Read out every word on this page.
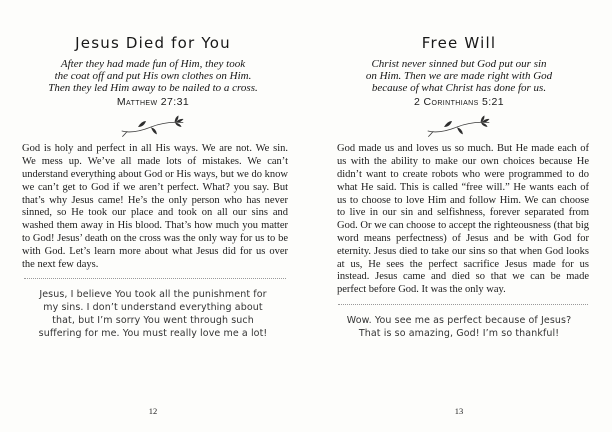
Jesus Died for You
After they had made fun of Him, they took
the coat off and put His own clothes on Him.
Then they led Him away to be nailed to a cross.
Matthew 27:31

God is holy and perfect in all His ways. We are not. We sin. We mess up. We’ve all made lots of mistakes. We can’t understand everything about God or His ways, but we do know we can’t get to God if we aren’t perfect. What? you say. But that’s why Jesus came! He’s the only person who has never sinned, so He took our place and took on all our sins and washed them away in His blood. That’s how much you matter to God! Jesus’ death on the cross was the only way for us to be with God. Let’s learn more about what Jesus did for us over the next few days.

Jesus, I believe You took all the punishment for
my sins. I don’t understand everything about
that, but I’m sorry You went through such
suffering for me. You must really love me a lot!
12
Free Will
Christ never sinned but God put our sin
on Him. Then we are made right with God
because of what Christ has done for us.
2 Corinthians 5:21

God made us and loves us so much. But He made each of us with the ability to make our own choices because He didn’t want to create robots who were programmed to do what He said. This is called “free will.” He wants each of us to choose to love Him and follow Him. We can choose to live in our sin and selfishness, forever separated from God. Or we can choose to accept the righteousness (that big word means perfectness) of Jesus and be with God for eternity. Jesus died to take our sins so that when God looks at us, He sees the perfect sacrifice Jesus made for us instead. Jesus came and died so that we can be made perfect before God. It was the only way.

Wow. You see me as perfect because of Jesus?
That is so amazing, God! I’m so thankful!
13
